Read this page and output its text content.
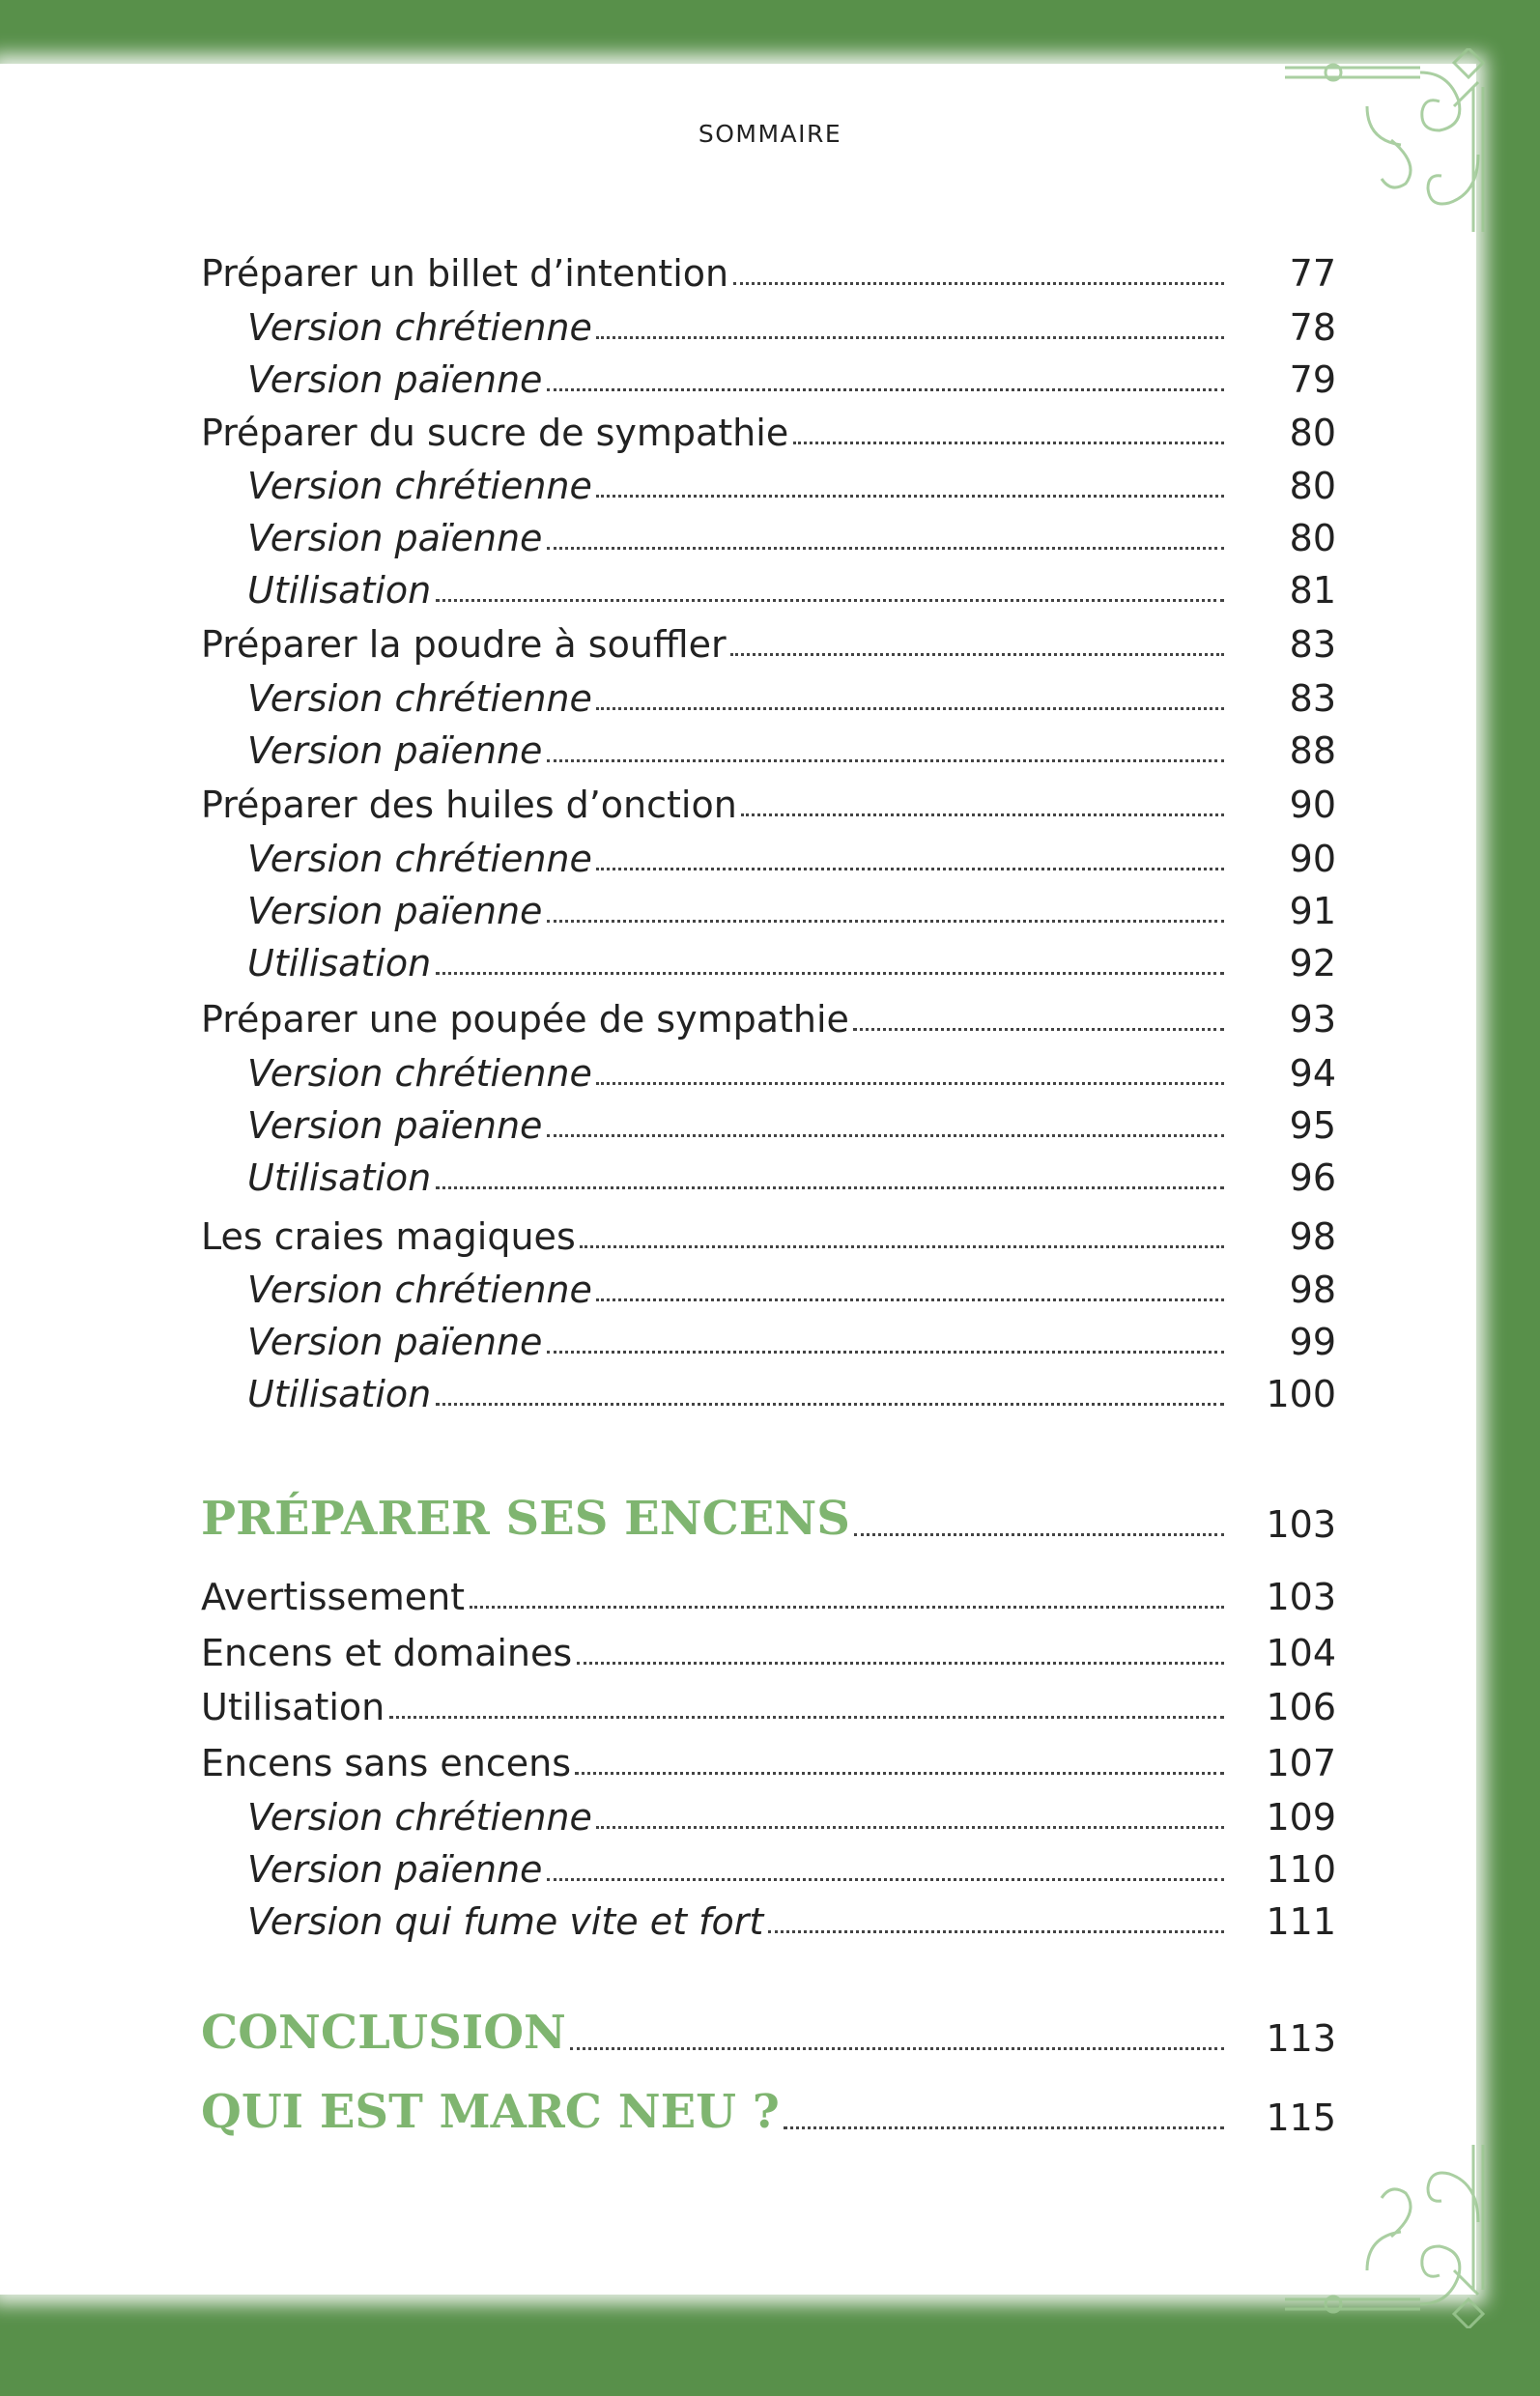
SOMMAIRE
Préparer un billet d’intention	77
Version chrétienne	78
Version païenne	79
Préparer du sucre de sympathie	80
Version chrétienne	80
Version païenne	80
Utilisation	81
Préparer la poudre à souffler	83
Version chrétienne	83
Version païenne	88
Préparer des huiles d’onction	90
Version chrétienne	90
Version païenne	91
Utilisation	92
Préparer une poupée de sympathie	93
Version chrétienne	94
Version païenne	95
Utilisation	96
Les craies magiques	98
Version chrétienne	98
Version païenne	99
Utilisation	100
PRÉPARER SES ENCENS	103
Avertissement	103
Encens et domaines	104
Utilisation	106
Encens sans encens	107
Version chrétienne	109
Version païenne	110
Version qui fume vite et fort	111
CONCLUSION	113
QUI EST MARC NEU ?	115
